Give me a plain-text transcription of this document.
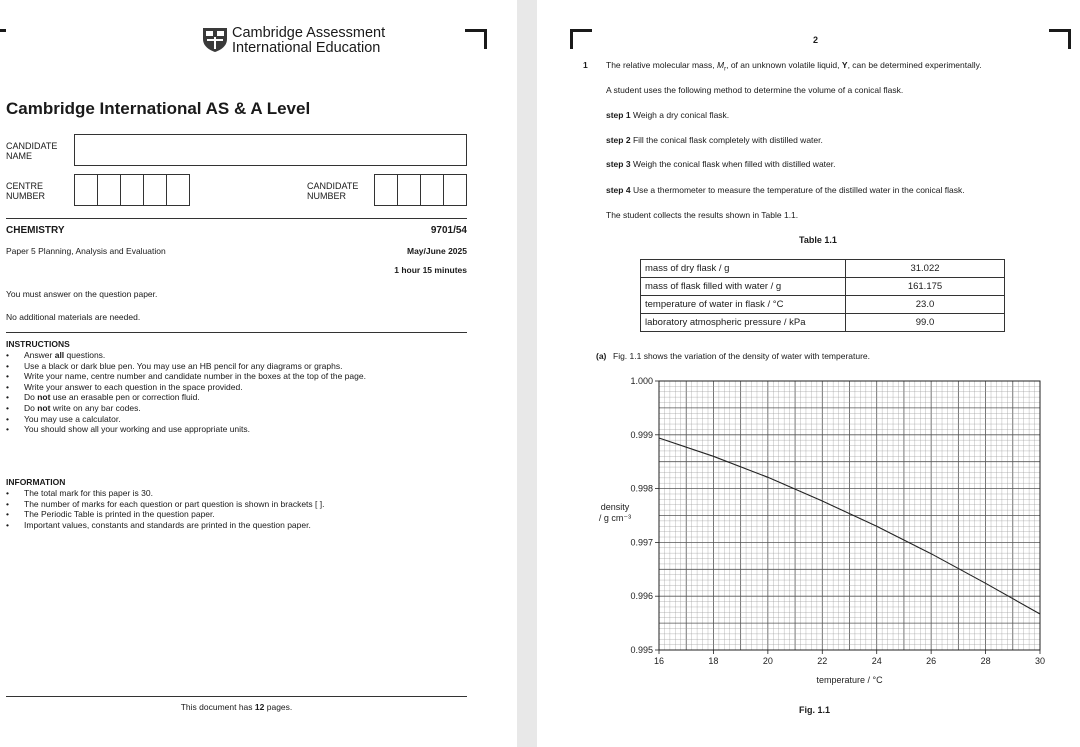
Cambridge Assessment
International Education
Cambridge International AS & A Level
CANDIDATE
NAME
CENTRE
NUMBER
CANDIDATE
NUMBER
CHEMISTRY	9701/54
Paper 5 Planning, Analysis and Evaluation	May/June 2025
1 hour 15 minutes
You must answer on the question paper.
No additional materials are needed.
INSTRUCTIONS
• Answer all questions.
• Use a black or dark blue pen. You may use an HB pencil for any diagrams or graphs.
• Write your name, centre number and candidate number in the boxes at the top of the page.
• Write your answer to each question in the space provided.
• Do not use an erasable pen or correction fluid.
• Do not write on any bar codes.
• You may use a calculator.
• You should show all your working and use appropriate units.
INFORMATION
• The total mark for this paper is 30.
• The number of marks for each question or part question is shown in brackets [ ].
• The Periodic Table is printed in the question paper.
• Important values, constants and standards are printed in the question paper.
This document has 12 pages.
2
1 The relative molecular mass, $M_r$, of an unknown volatile liquid, Y, can be determined experimentally.
A student uses the following method to determine the volume of a conical flask.
step 1 Weigh a dry conical flask.
step 2 Fill the conical flask completely with distilled water.
step 3 Weigh the conical flask when filled with distilled water.
step 4 Use a thermometer to measure the temperature of the distilled water in the conical flask.
The student collects the results shown in Table 1.1.
Table 1.1
mass of dry flask / g	31.022
mass of flask filled with water / g	161.175
temperature of water in flask / °C	23.0
laboratory atmospheric pressure / kPa	99.0
(a) Fig. 1.1 shows the variation of the density of water with temperature.
16	18	20	22	24	26	28	30
0.995
0.996
0.997
0.998
0.999
1.000
temperature / °C
density
/ g cm⁻³
Fig. 1.1
